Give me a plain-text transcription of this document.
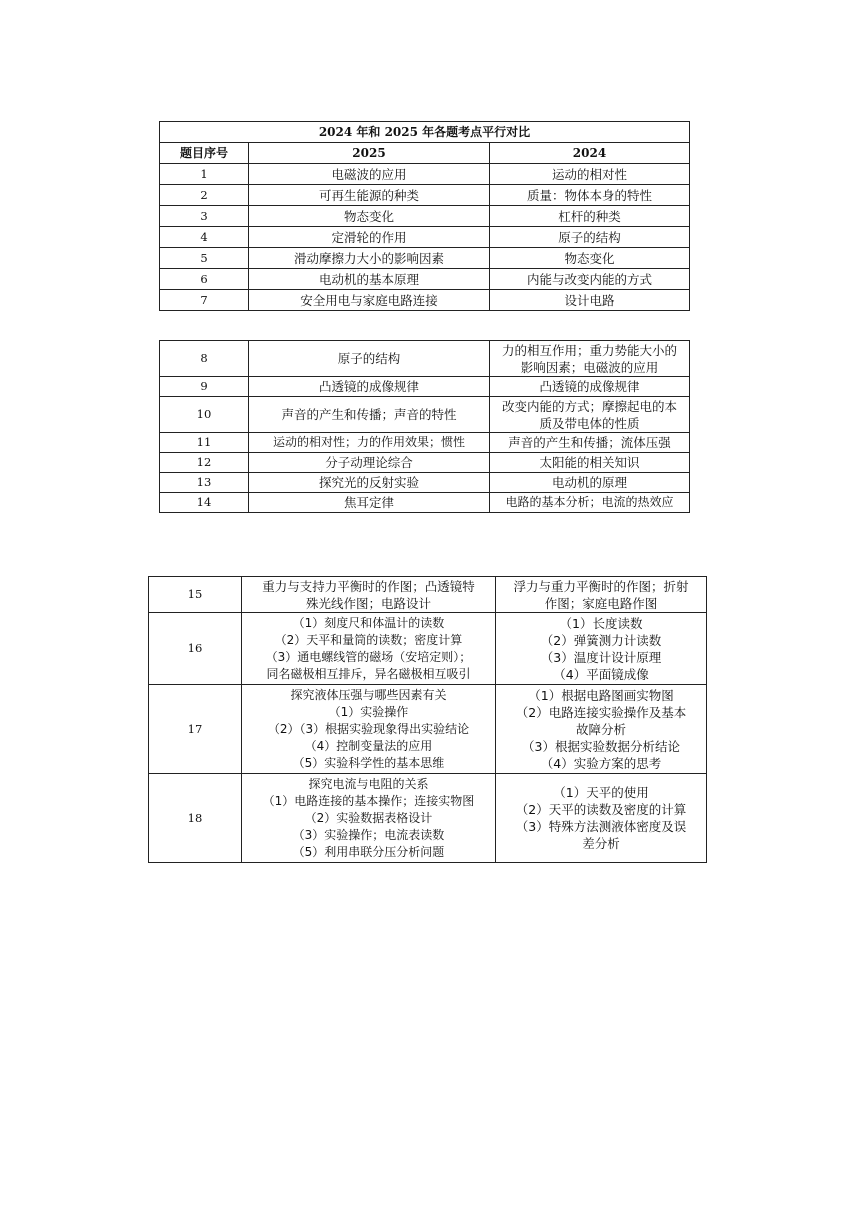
2024 年和 2025 年各题考点平行对比		
题目序号	2025	2024
1	电磁波的应用	运动的相对性
2	可再生能源的种类	质量：物体本身的特性
3	物态变化	杠杆的种类
4	定滑轮的作用	原子的结构
5	滑动摩擦力大小的影响因素	物态变化
6	电动机的基本原理	内能与改变内能的方式
7	安全用电与家庭电路连接	设计电路
8	原子的结构	力的相互作用；重力势能大小的
影响因素；电磁波的应用

9	凸透镜的成像规律	凸透镜的成像规律
10	声音的产生和传播；声音的特性	改变内能的方式；摩擦起电的本
质及带电体的性质

11	运动的相对性；力的作用效果；惯性	声音的产生和传播；流体压强
12	分子动理论综合	太阳能的相关知识
13	探究光的反射实验	电动机的原理
14	焦耳定律	电路的基本分析；电流的热效应
15	重力与支持力平衡时的作图；凸透镜特
殊光线作图；电路设计	浮力与重力平衡时的作图；折射
作图；家庭电路作图

16	（1）刻度尺和体温计的读数
（2）天平和量筒的读数；密度计算
（3）通电螺线管的磁场（安培定则）；
同名磁极相互排斥，异名磁极相互吸引	（1）长度读数
（2）弹簧测力计读数
（3）温度计设计原理
（4）平面镜成像

17	探究液体压强与哪些因素有关
（1）实验操作
（2）（3）根据实验现象得出实验结论
（4）控制变量法的应用
（5）实验科学性的基本思维	（1）根据电路图画实物图
（2）电路连接实验操作及基本
故障分析
（3）根据实验数据分析结论
（4）实验方案的思考

18	探究电流与电阻的关系
（1）电路连接的基本操作；连接实物图
（2）实验数据表格设计
（3）实验操作；电流表读数
（5）利用串联分压分析问题	（1）天平的使用
（2）天平的读数及密度的计算
（3）特殊方法测液体密度及误
差分析
